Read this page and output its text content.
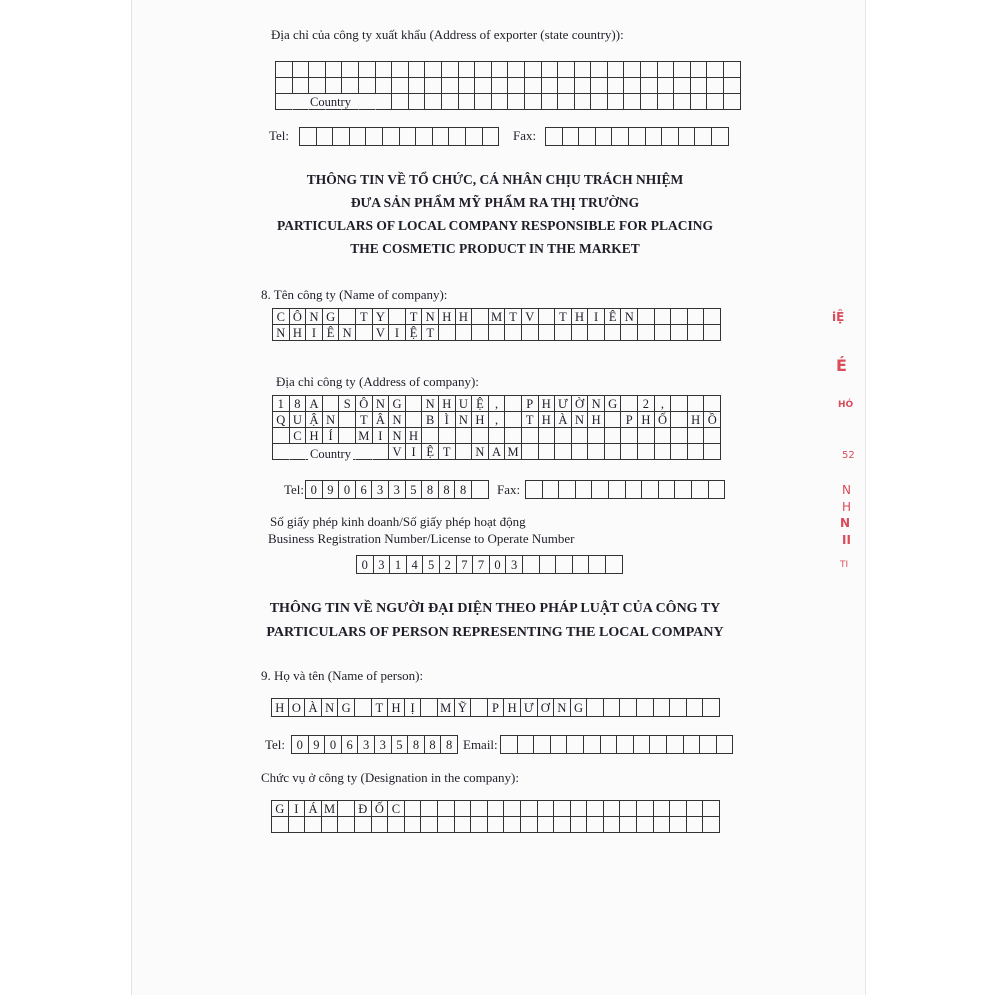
Địa chỉ của công ty xuất khẩu (Address of exporter (state country)):
Country
Tel:	Fax:
THÔNG TIN VỀ TỔ CHỨC, CÁ NHÂN CHỊU TRÁCH NHIỆM
ĐƯA SẢN PHẨM MỸ PHẨM RA THỊ TRƯỜNG
PARTICULARS OF LOCAL COMPANY RESPONSIBLE FOR PLACING
THE COSMETIC PRODUCT IN THE MARKET
8. Tên công ty (Name of company):
C Ô N G	T Y	T N H H	M T V	T H I Ê N
N H I Ê N	V I Ệ T
Địa chỉ công ty (Address of company):
1 8 A	S Ô N G	N H U Ệ ,	P H Ư Ờ N G	2 ,
Q U Ậ N	T Â N	B Ì N H ,	T H À N H	P H Ố	H Ồ
C H Í	M I N H
V I Ệ T	N A M
Country
Tel: 0 9 0 6 3 3 5 8 8 8	Fax:
Số giấy phép kinh doanh/Số giấy phép hoạt động
Business Registration Number/License to Operate Number
0 3 1 4 5 2 7 7 0 3
THÔNG TIN VỀ NGƯỜI ĐẠI DIỆN THEO PHÁP LUẬT CỦA CÔNG TY
PARTICULARS OF PERSON REPRESENTING THE LOCAL COMPANY
9. Họ và tên (Name of person):
H O À N G	T H Ị	M Ỹ	P H Ư Ơ N G
Tel: 0 9 0 6 3 3 5 8 8 8 Email:
Chức vụ ở công ty (Designation in the company):
G I Á M Đ Ố C
iỆ
É
HÓ
52
N
H
N
II
TI
